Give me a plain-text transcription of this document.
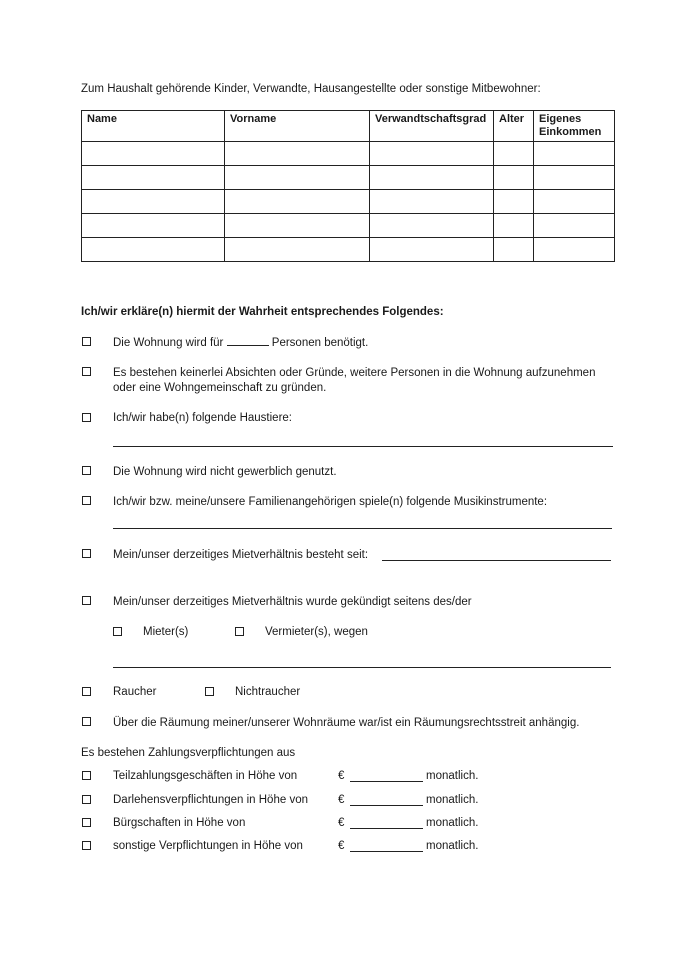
Zum Haushalt gehörende Kinder, Verwandte, Hausangestellte oder sonstige Mitbewohner:
Name	Vorname	Verwandtschaftsgrad	Alter	Eigenes Einkommen

Ich/wir erkläre(n) hiermit der Wahrheit entsprechendes Folgendes:
Die Wohnung wird für	Personen benötigt.
Es bestehen keinerlei Absichten oder Gründe, weitere Personen in die Wohnung aufzunehmen
oder eine Wohngemeinschaft zu gründen.
Ich/wir habe(n) folgende Haustiere:
Die Wohnung wird nicht gewerblich genutzt.
Ich/wir bzw. meine/unsere Familienangehörigen spiele(n) folgende Musikinstrumente:
Mein/unser derzeitiges Mietverhältnis besteht seit:
Mein/unser derzeitiges Mietverhältnis wurde gekündigt seitens des/der
Mieter(s)	Vermieter(s), wegen
Raucher	Nichtraucher
Über die Räumung meiner/unserer Wohnräume war/ist ein Räumungsrechtsstreit anhängig.
Es bestehen Zahlungsverpflichtungen aus
Teilzahlungsgeschäften in Höhe von	€	monatlich.
Darlehensverpflichtungen in Höhe von	€	monatlich.
Bürgschaften in Höhe von	€	monatlich.
sonstige Verpflichtungen in Höhe von	€	monatlich.
